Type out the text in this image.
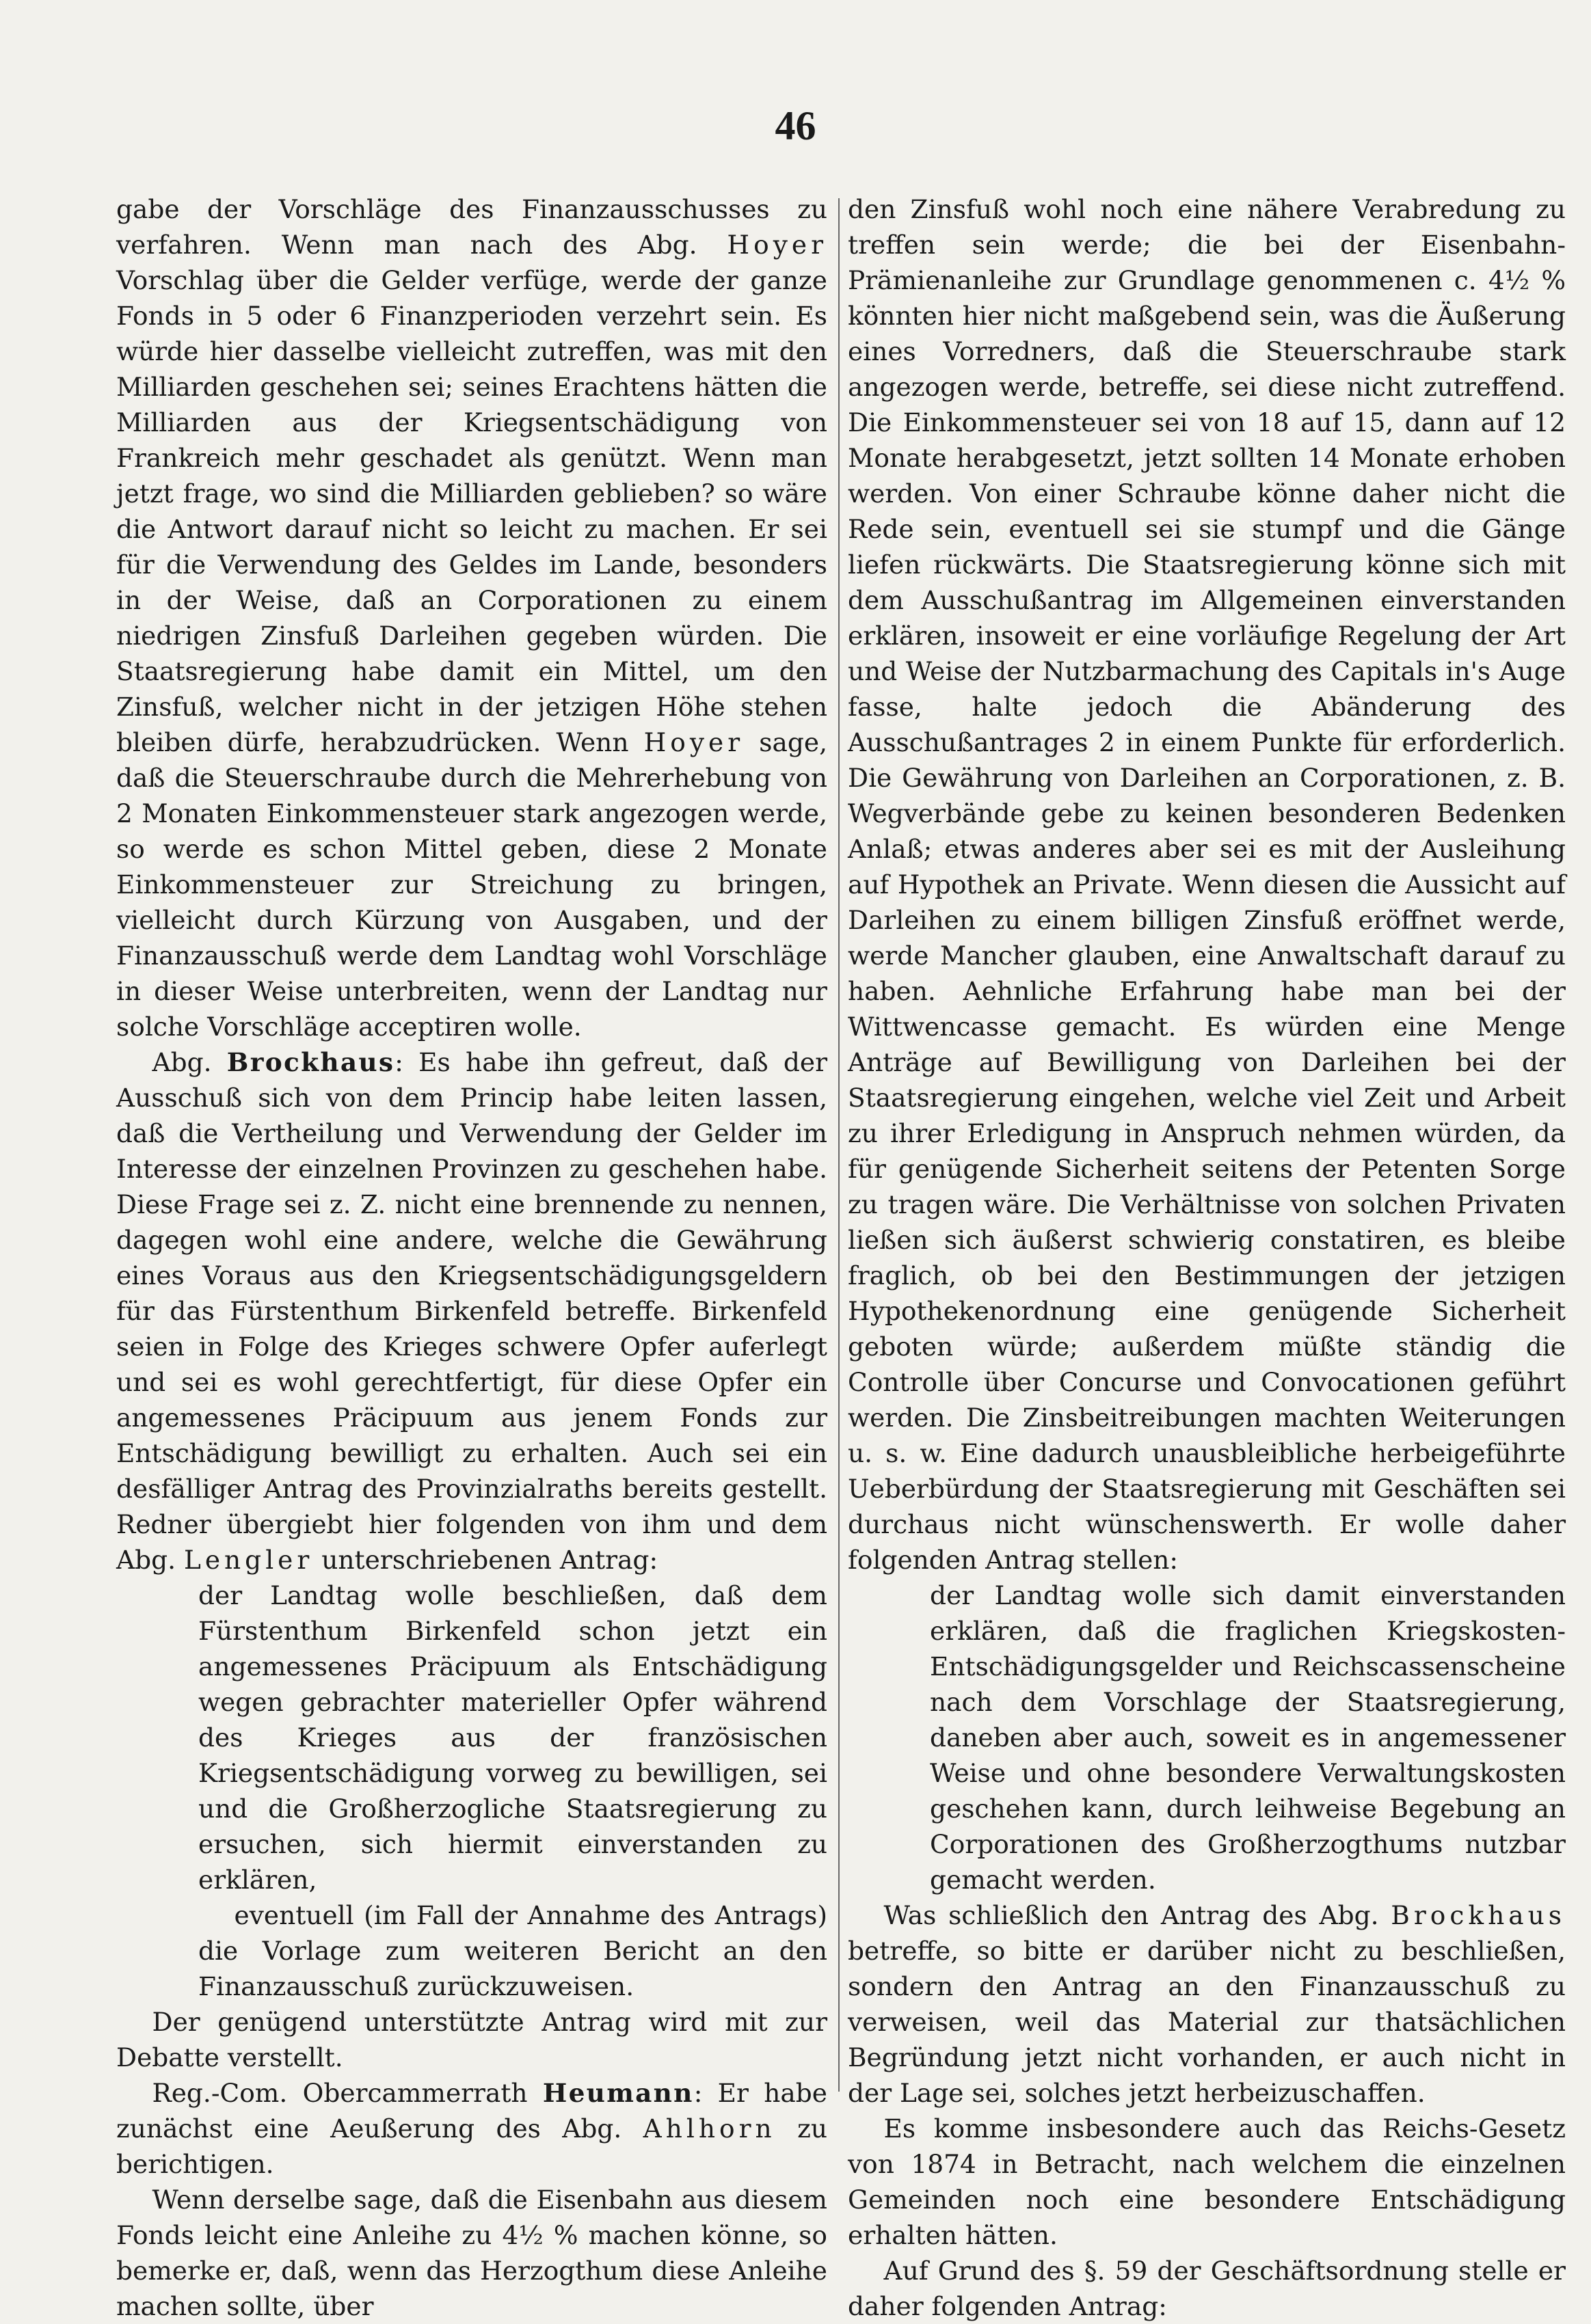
46

gabe der Vorschläge des Finanzausschusses zu verfahren. Wenn man nach des Abg. Hoyer Vorschlag über die Gelder verfüge, werde der ganze Fonds in 5 oder 6 Finanzperioden verzehrt sein. Es würde hier dasselbe vielleicht zutreffen, was mit den Milliarden geschehen sei; seines Erachtens hätten die Milliarden aus der Kriegsentschädigung von Frankreich mehr geschadet als genützt. Wenn man jetzt frage, wo sind die Milliarden geblieben? so wäre die Antwort darauf nicht so leicht zu machen. Er sei für die Verwendung des Geldes im Lande, besonders in der Weise, daß an Corporationen zu einem niedrigen Zinsfuß Darleihen gegeben würden. Die Staatsregierung habe damit ein Mittel, um den Zinsfuß, welcher nicht in der jetzigen Höhe stehen bleiben dürfe, herabzudrücken. Wenn Hoyer sage, daß die Steuerschraube durch die Mehrerhebung von 2 Monaten Einkommensteuer stark angezogen werde, so werde es schon Mittel geben, diese 2 Monate Einkommensteuer zur Streichung zu bringen, vielleicht durch Kürzung von Ausgaben, und der Finanzausschuß werde dem Landtag wohl Vorschläge in dieser Weise unterbreiten, wenn der Landtag nur solche Vorschläge acceptiren wolle.

Abg. Brockhaus: Es habe ihn gefreut, daß der Ausschuß sich von dem Princip habe leiten lassen, daß die Vertheilung und Verwendung der Gelder im Interesse der einzelnen Provinzen zu geschehen habe. Diese Frage sei z. Z. nicht eine brennende zu nennen, dagegen wohl eine andere, welche die Gewährung eines Voraus aus den Kriegsentschädigungsgeldern für das Fürstenthum Birkenfeld betreffe. Birkenfeld seien in Folge des Krieges schwere Opfer auferlegt und sei es wohl gerechtfertigt, für diese Opfer ein angemessenes Präcipuum aus jenem Fonds zur Entschädigung bewilligt zu erhalten. Auch sei ein desfälliger Antrag des Provinzialraths bereits gestellt. Redner übergiebt hier folgenden von ihm und dem Abg. Lengler unterschriebenen Antrag:

der Landtag wolle beschließen, daß dem Fürstenthum Birkenfeld schon jetzt ein angemessenes Präcipuum als Entschädigung wegen gebrachter materieller Opfer während des Krieges aus der französischen Kriegsentschädigung vorweg zu bewilligen, sei und die Großherzogliche Staatsregierung zu ersuchen, sich hiermit einverstanden zu erklären,

eventuell (im Fall der Annahme des Antrags) die Vorlage zum weiteren Bericht an den Finanzausschuß zurückzuweisen.

Der genügend unterstützte Antrag wird mit zur Debatte verstellt.

Reg.-Com. Obercammerrath Heumann: Er habe zunächst eine Aeußerung des Abg. Ahlhorn zu berichtigen.

Wenn derselbe sage, daß die Eisenbahn aus diesem Fonds leicht eine Anleihe zu 4½ % machen könne, so bemerke er, daß, wenn das Herzogthum diese Anleihe machen sollte, über

den Zinsfuß wohl noch eine nähere Verabredung zu treffen sein werde; die bei der Eisenbahn-Prämienanleihe zur Grundlage genommenen c. 4½ % könnten hier nicht maßgebend sein, was die Äußerung eines Vorredners, daß die Steuerschraube stark angezogen werde, betreffe, sei diese nicht zutreffend. Die Einkommensteuer sei von 18 auf 15, dann auf 12 Monate herabgesetzt, jetzt sollten 14 Monate erhoben werden. Von einer Schraube könne daher nicht die Rede sein, eventuell sei sie stumpf und die Gänge liefen rückwärts. Die Staatsregierung könne sich mit dem Ausschußantrag im Allgemeinen einverstanden erklären, insoweit er eine vorläufige Regelung der Art und Weise der Nutzbarmachung des Capitals in's Auge fasse, halte jedoch die Abänderung des Ausschußantrages 2 in einem Punkte für erforderlich. Die Gewährung von Darleihen an Corporationen, z. B. Wegverbände gebe zu keinen besonderen Bedenken Anlaß; etwas anderes aber sei es mit der Ausleihung auf Hypothek an Private. Wenn diesen die Aussicht auf Darleihen zu einem billigen Zinsfuß eröffnet werde, werde Mancher glauben, eine Anwaltschaft darauf zu haben. Aehnliche Erfahrung habe man bei der Wittwencasse gemacht. Es würden eine Menge Anträge auf Bewilligung von Darleihen bei der Staatsregierung eingehen, welche viel Zeit und Arbeit zu ihrer Erledigung in Anspruch nehmen würden, da für genügende Sicherheit seitens der Petenten Sorge zu tragen wäre. Die Verhältnisse von solchen Privaten ließen sich äußerst schwierig constatiren, es bleibe fraglich, ob bei den Bestimmungen der jetzigen Hypothekenordnung eine genügende Sicherheit geboten würde; außerdem müßte ständig die Controlle über Concurse und Convocationen geführt werden. Die Zinsbeitreibungen machten Weiterungen u. s. w. Eine dadurch unausbleibliche herbeigeführte Ueberbürdung der Staatsregierung mit Geschäften sei durchaus nicht wünschenswerth. Er wolle daher folgenden Antrag stellen:

der Landtag wolle sich damit einverstanden erklären, daß die fraglichen Kriegskosten-Entschädigungsgelder und Reichscassenscheine nach dem Vorschlage der Staatsregierung, daneben aber auch, soweit es in angemessener Weise und ohne besondere Verwaltungskosten geschehen kann, durch leihweise Begebung an Corporationen des Großherzogthums nutzbar gemacht werden.

Was schließlich den Antrag des Abg. Brockhaus betreffe, so bitte er darüber nicht zu beschließen, sondern den Antrag an den Finanzausschuß zu verweisen, weil das Material zur thatsächlichen Begründung jetzt nicht vorhanden, er auch nicht in der Lage sei, solches jetzt herbeizuschaffen.

Es komme insbesondere auch das Reichs-Gesetz von 1874 in Betracht, nach welchem die einzelnen Gemeinden noch eine besondere Entschädigung erhalten hätten.

Auf Grund des §. 59 der Geschäftsordnung stelle er daher folgenden Antrag:
